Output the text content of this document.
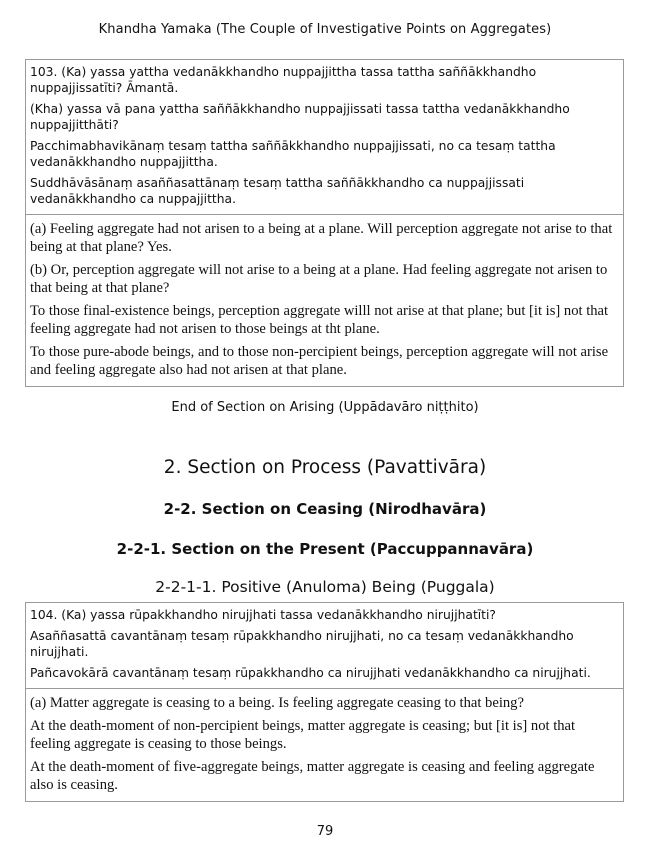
Khandha Yamaka (The Couple of Investigative Points on Aggregates)

103. (Ka) yassa yattha vedanākkhandho nuppajjittha tassa tattha saññākkhandho nuppajjissatīti? Āmantā.

(Kha) yassa vā pana yattha saññākkhandho nuppajjissati tassa tattha vedanākkhandho nuppajjitthāti?

Pacchimabhavikānaṃ tesaṃ tattha saññākkhandho nuppajjissati, no ca tesaṃ tattha vedanākkhandho nuppajjittha.

Suddhāvāsānaṃ asaññasattānaṃ tesaṃ tattha saññākkhandho ca nuppajjissati vedanākkhandho ca nuppajjittha.

(a) Feeling aggregate had not arisen to a being at a plane. Will perception aggregate not arise to that being at that plane? Yes.

(b) Or, perception aggregate will not arise to a being at a plane. Had feeling aggregate not arisen to that being at that plane?

To those final-existence beings, perception aggregate willl not arise at that plane; but [it is] not that feeling aggregate had not arisen to those beings at tht plane.

To those pure-abode beings, and to those non-percipient beings, perception aggregate will not arise and feeling aggregate also had not arisen at that plane.

End of Section on Arising (Uppādavāro niṭṭhito)
2. Section on Process (Pavattivāra)
2-2. Section on Ceasing (Nirodhavāra)
2-2-1. Section on the Present (Paccuppannavāra)
2-2-1-1. Positive (Anuloma) Being (Puggala)

104. (Ka) yassa rūpakkhandho nirujjhati tassa vedanākkhandho nirujjhatīti?

Asaññasattā cavantānaṃ tesaṃ rūpakkhandho nirujjhati, no ca tesaṃ vedanākkhandho nirujjhati.

Pañcavokārā cavantānaṃ tesaṃ rūpakkhandho ca nirujjhati vedanākkhandho ca nirujjhati.

(a) Matter aggregate is ceasing to a being. Is feeling aggregate ceasing to that being?

At the death-moment of non-percipient beings, matter aggregate is ceasing; but [it is] not that feeling aggregate is ceasing to those beings.

At the death-moment of five-aggregate beings, matter aggregate is ceasing and feeling aggregate also is ceasing.

79
